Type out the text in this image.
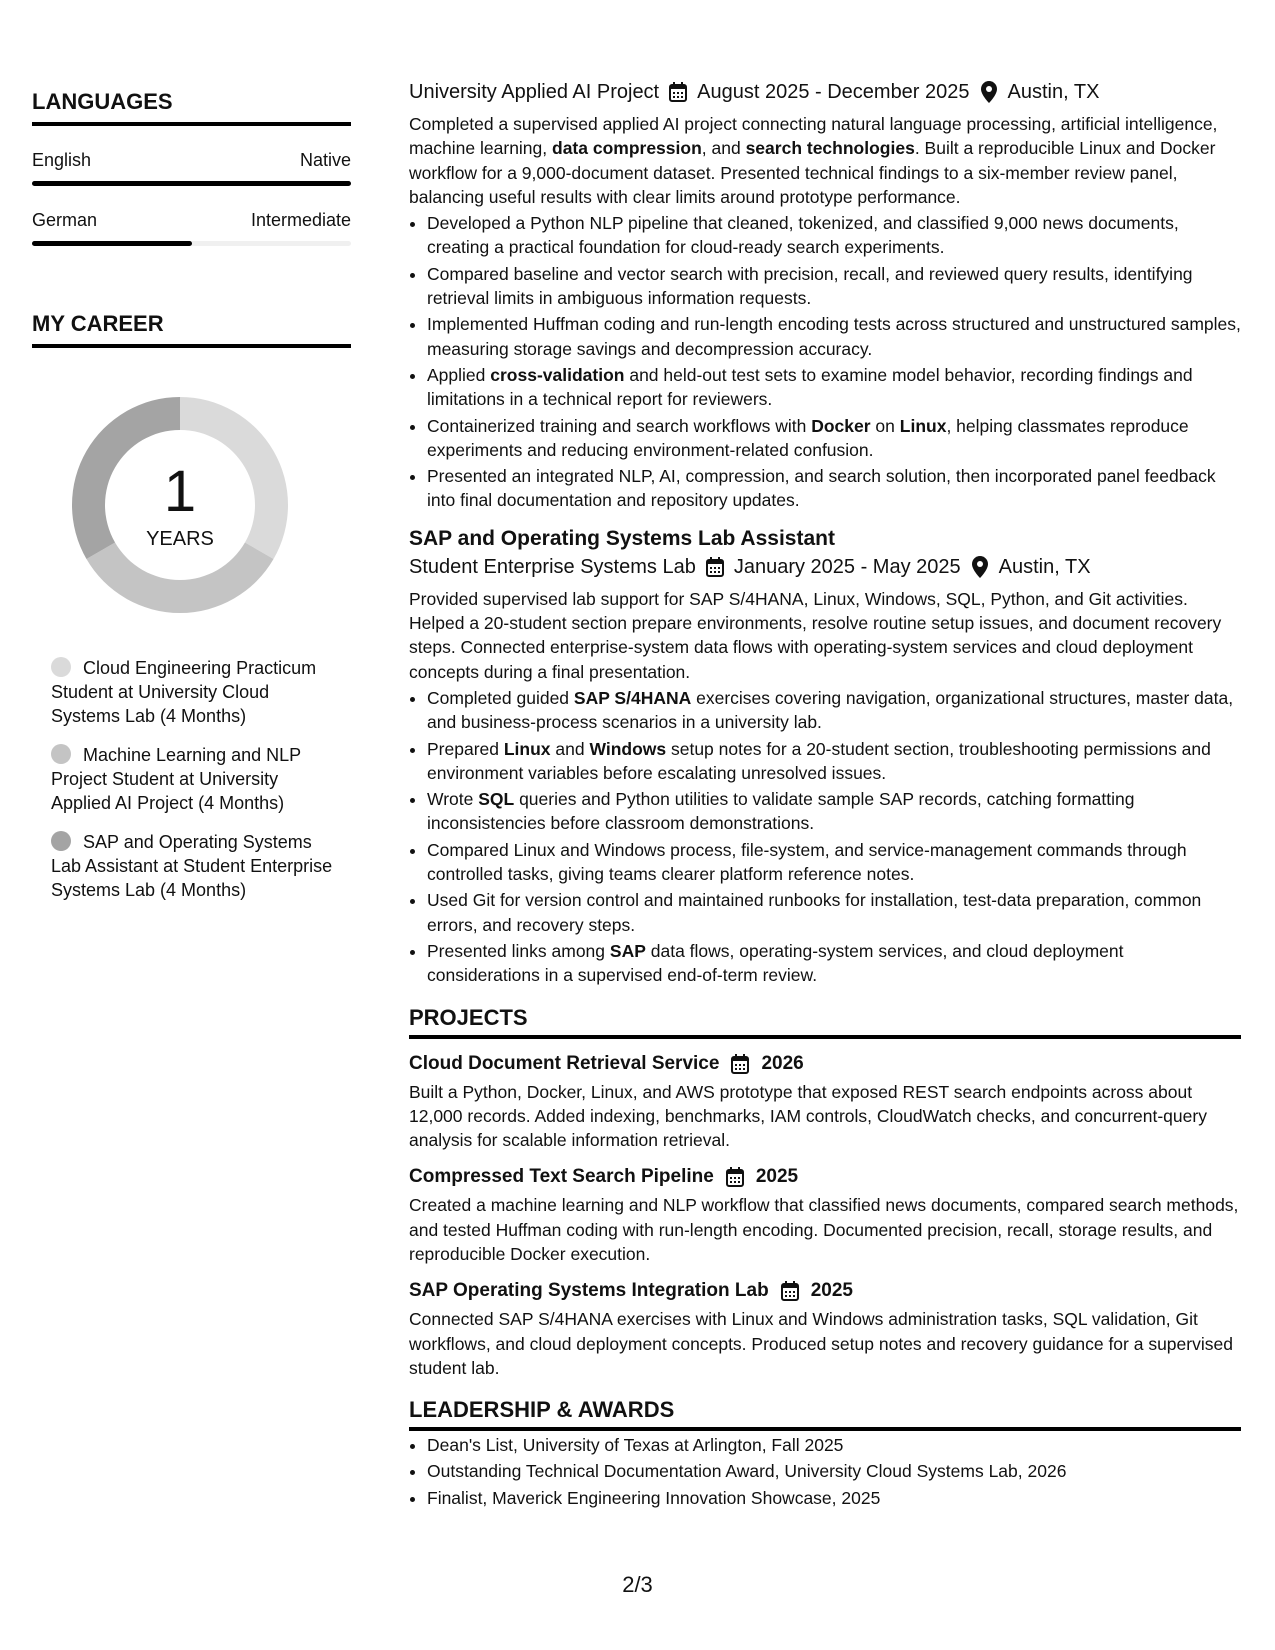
LANGUAGES
English	Native
German	Intermediate
MY CAREER
1
YEARS
Cloud Engineering Practicum Student at University Cloud Systems Lab (4 Months)
Machine Learning and NLP Project Student at University Applied AI Project (4 Months)
SAP and Operating Systems Lab Assistant at Student Enterprise Systems Lab (4 Months)
University Applied AI Project August 2025 - December 2025 Austin, TX

Completed a supervised applied AI project connecting natural language processing, artificial intelligence, machine learning, data compression, and search technologies. Built a reproducible Linux and Docker workflow for a 9,000-document dataset. Presented technical findings to a six-member review panel, balancing useful results with clear limits around prototype performance.

• Developed a Python NLP pipeline that cleaned, tokenized, and classified 9,000 news documents, creating a practical foundation for cloud-ready search experiments.
• Compared baseline and vector search with precision, recall, and reviewed query results, identifying retrieval limits in ambiguous information requests.
• Implemented Huffman coding and run-length encoding tests across structured and unstructured samples, measuring storage savings and decompression accuracy.
• Applied cross-validation and held-out test sets to examine model behavior, recording findings and limitations in a technical report for reviewers.
• Containerized training and search workflows with Docker on Linux, helping classmates reproduce experiments and reducing environment-related confusion.
• Presented an integrated NLP, AI, compression, and search solution, then incorporated panel feedback into final documentation and repository updates.
SAP and Operating Systems Lab Assistant
Student Enterprise Systems Lab January 2025 - May 2025 Austin, TX

Provided supervised lab support for SAP S/4HANA, Linux, Windows, SQL, Python, and Git activities. Helped a 20-student section prepare environments, resolve routine setup issues, and document recovery steps. Connected enterprise-system data flows with operating-system services and cloud deployment concepts during a final presentation.

• Completed guided SAP S/4HANA exercises covering navigation, organizational structures, master data, and business-process scenarios in a university lab.
• Prepared Linux and Windows setup notes for a 20-student section, troubleshooting permissions and environment variables before escalating unresolved issues.
• Wrote SQL queries and Python utilities to validate sample SAP records, catching formatting inconsistencies before classroom demonstrations.
• Compared Linux and Windows process, file-system, and service-management commands through controlled tasks, giving teams clearer platform reference notes.
• Used Git for version control and maintained runbooks for installation, test-data preparation, common errors, and recovery steps.
• Presented links among SAP data flows, operating-system services, and cloud deployment considerations in a supervised end-of-term review.
PROJECTS
Cloud Document Retrieval Service 2026

Built a Python, Docker, Linux, and AWS prototype that exposed REST search endpoints across about 12,000 records. Added indexing, benchmarks, IAM controls, CloudWatch checks, and concurrent-query analysis for scalable information retrieval.

Compressed Text Search Pipeline 2025

Created a machine learning and NLP workflow that classified news documents, compared search methods, and tested Huffman coding with run-length encoding. Documented precision, recall, storage results, and reproducible Docker execution.

SAP Operating Systems Integration Lab 2025

Connected SAP S/4HANA exercises with Linux and Windows administration tasks, SQL validation, Git workflows, and cloud deployment concepts. Produced setup notes and recovery guidance for a supervised student lab.

LEADERSHIP & AWARDS
• Dean's List, University of Texas at Arlington, Fall 2025
• Outstanding Technical Documentation Award, University Cloud Systems Lab, 2026
• Finalist, Maverick Engineering Innovation Showcase, 2025
2/3
